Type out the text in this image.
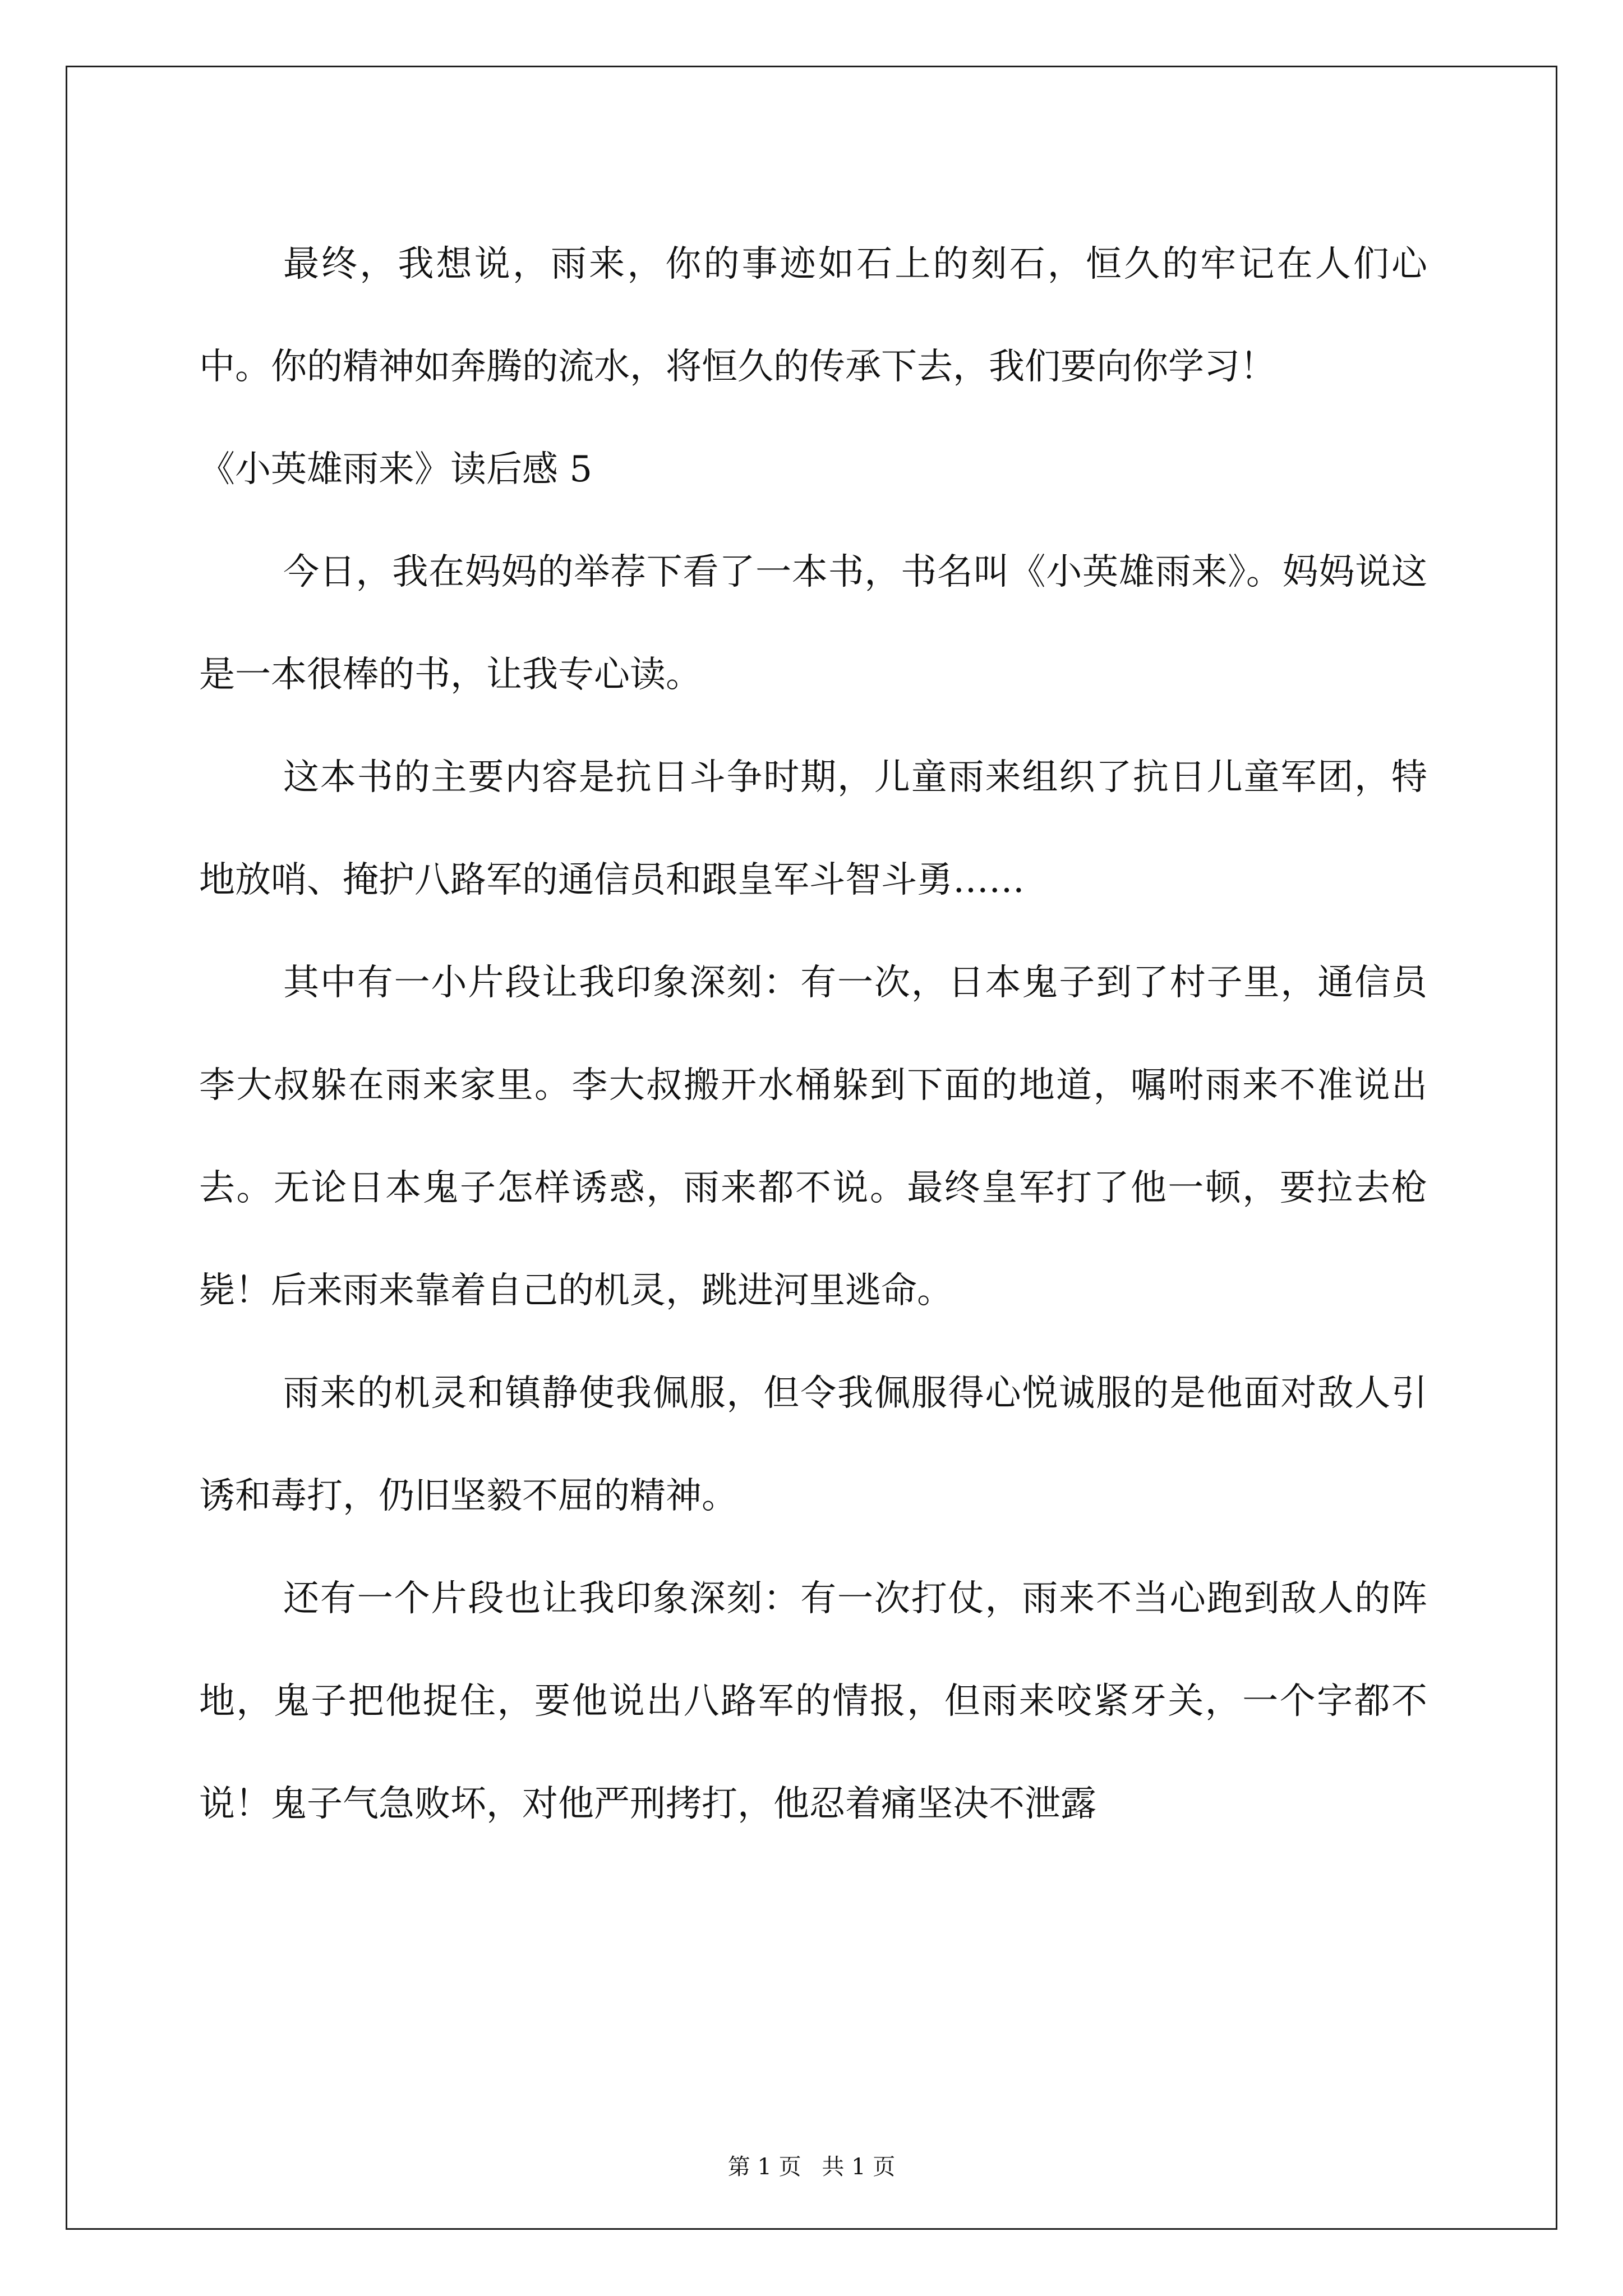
最终，我想说，雨来，你的事迹如石上的刻石，恒久的牢记在人们心中。你的精神如奔腾的流水，将恒久的传承下去，我们要向你学习！

《小英雄雨来》读后感 5

今日，我在妈妈的举荐下看了一本书，书名叫《小英雄雨来》。妈妈说这是一本很棒的书，让我专心读。

这本书的主要内容是抗日斗争时期，儿童雨来组织了抗日儿童军团，特地放哨、掩护八路军的通信员和跟皇军斗智斗勇……

其中有一小片段让我印象深刻：有一次，日本鬼子到了村子里，通信员李大叔躲在雨来家里。李大叔搬开水桶躲到下面的地道，嘱咐雨来不准说出去。无论日本鬼子怎样诱惑，雨来都不说。最终皇军打了他一顿，要拉去枪毙！后来雨来靠着自己的机灵，跳进河里逃命。

雨来的机灵和镇静使我佩服，但令我佩服得心悦诚服的是他面对敌人引诱和毒打，仍旧坚毅不屈的精神。

还有一个片段也让我印象深刻：有一次打仗，雨来不当心跑到敌人的阵地，鬼子把他捉住，要他说出八路军的情报，但雨来咬紧牙关，一个字都不说！鬼子气急败坏，对他严刑拷打，他忍着痛坚决不泄露

第 1 页 共 1 页
